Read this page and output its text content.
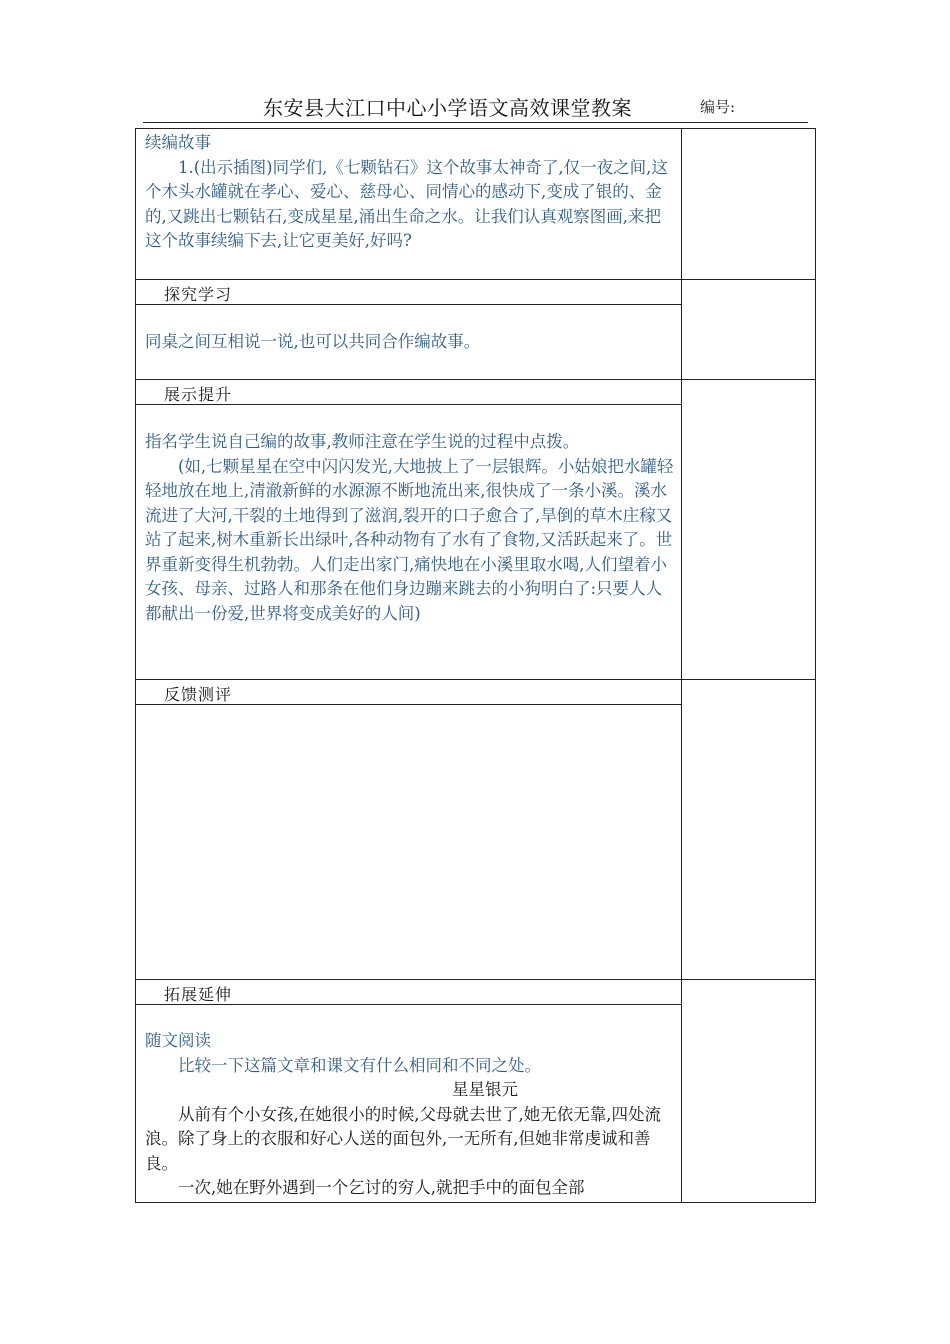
东安县大江口中心小学语文高效课堂教案	编号:

续编故事

1.(出示插图)同学们,《七颗钻石》这个故事太神奇了,仅一夜之间,这个木头水罐就在孝心、爱心、慈母心、同情心的感动下,变成了银的、金的,又跳出七颗钻石,变成星星,涌出生命之水。让我们认真观察图画,来把这个故事续编下去,让它更美好,好吗?

探究学习

同桌之间互相说一说,也可以共同合作编故事。

展示提升

指名学生说自己编的故事,教师注意在学生说的过程中点拨。

(如,七颗星星在空中闪闪发光,大地披上了一层银辉。小姑娘把水罐轻轻地放在地上,清澈新鲜的水源源不断地流出来,很快成了一条小溪。溪水流进了大河,干裂的土地得到了滋润,裂开的口子愈合了,旱倒的草木庄稼又站了起来,树木重新长出绿叶,各种动物有了水有了食物,又活跃起来了。世界重新变得生机勃勃。人们走出家门,痛快地在小溪里取水喝,人们望着小女孩、母亲、过路人和那条在他们身边蹦来跳去的小狗明白了:只要人人都献出一份爱,世界将变成美好的人间)

反馈测评
拓展延伸

随文阅读

比较一下这篇文章和课文有什么相同和不同之处。

星星银元

从前有个小女孩,在她很小的时候,父母就去世了,她无依无靠,四处流浪。除了身上的衣服和好心人送的面包外,一无所有,但她非常虔诚和善良。

一次,她在野外遇到一个乞讨的穷人,就把手中的面包全部
